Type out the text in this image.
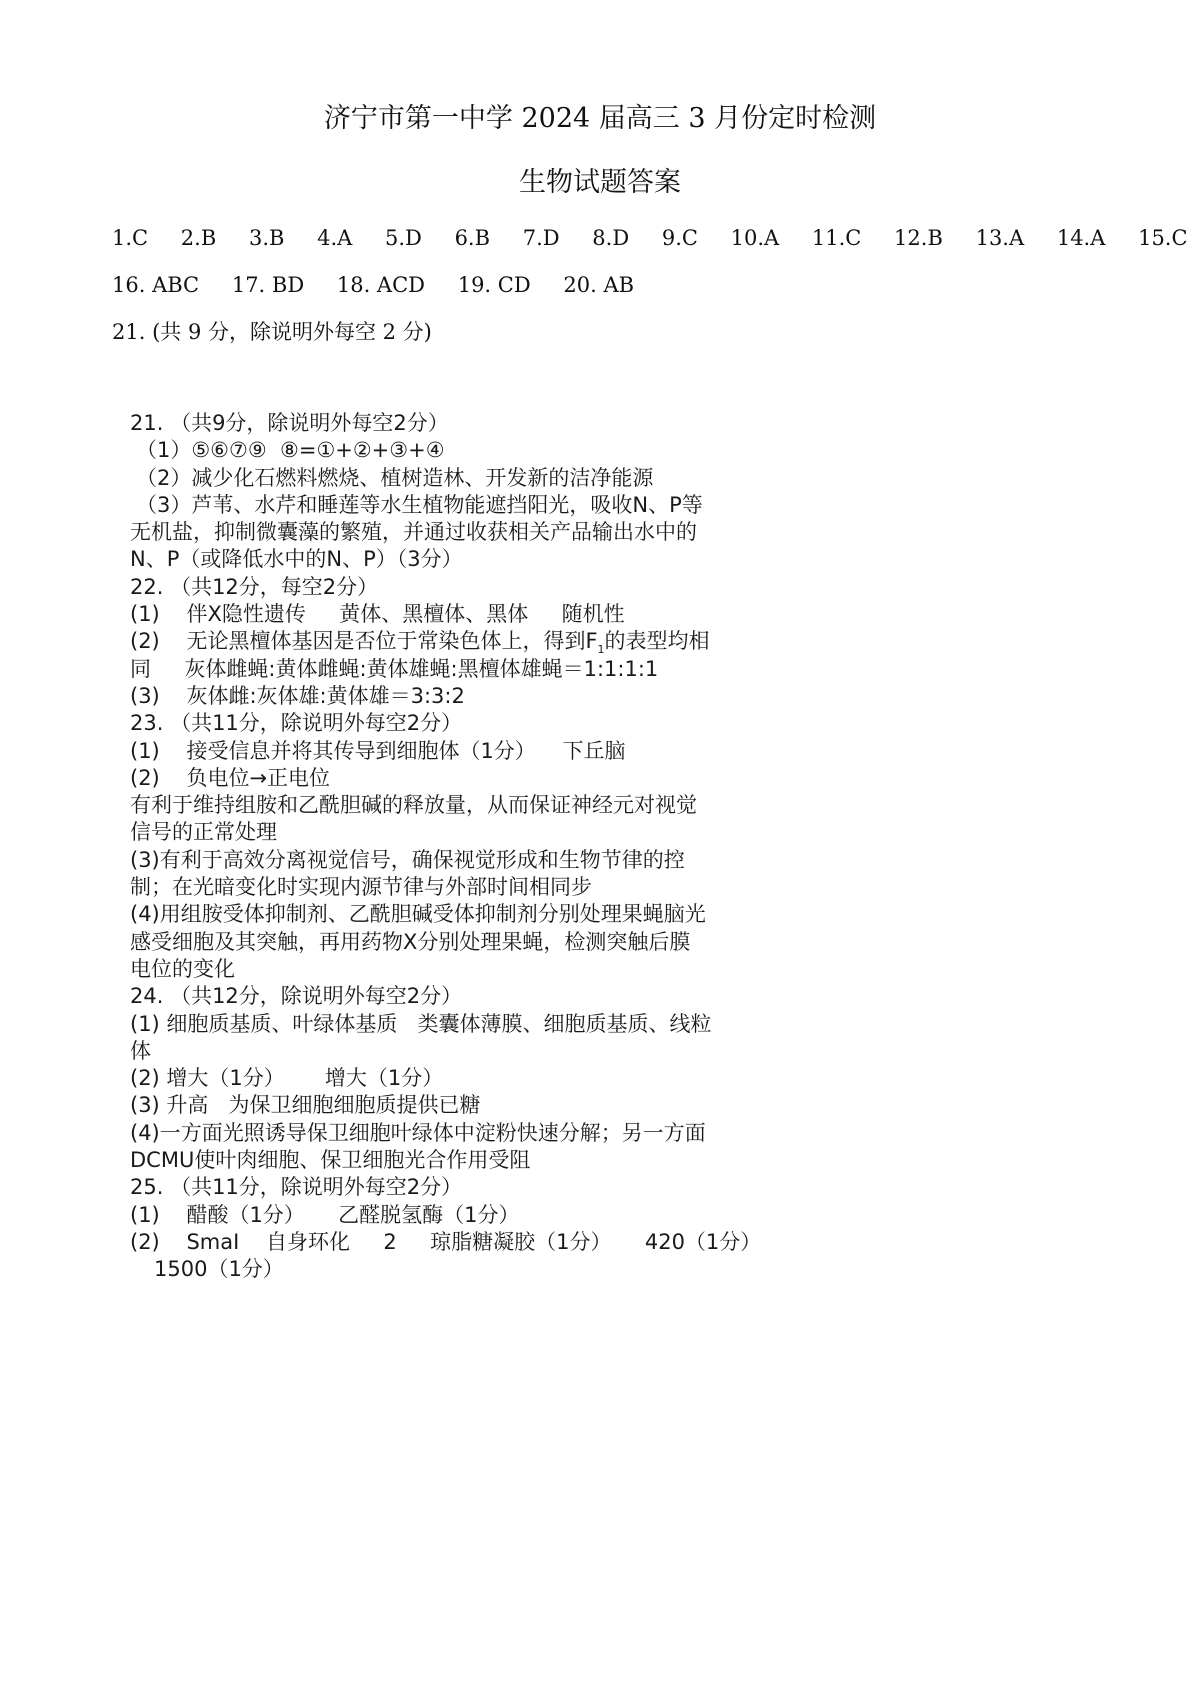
济宁市第一中学 2024 届高三 3 月份定时检测
生物试题答案
1.C 2.B 3.B 4.A 5.D 6.B 7.D 8.D 9.C 10.A 11.C 12.B 13.A 14.A 15.C
16. ABC 17. BD 18. ACD 19. CD 20. AB
21. (共 9 分，除说明外每空 2 分)
21. （共9分，除说明外每空2分）
（1）⑤⑥⑦⑨  ⑧=①+②+③+④
（2）减少化石燃料燃烧、植树造林、开发新的洁净能源
（3）芦苇、水芹和睡莲等水生植物能遮挡阳光，吸收N、P等
无机盐，抑制微囊藻的繁殖，并通过收获相关产品输出水中的
N、P（或降低水中的N、P）（3分）
22. （共12分，每空2分）
(1)    伴X隐性遗传     黄体、黑檀体、黑体     随机性
(2)    无论黑檀体基因是否位于常染色体上，得到$F_1$的表型均相
同     灰体雌蝇:黄体雌蝇:黄体雄蝇:黑檀体雄蝇＝1:1:1:1
(3)    灰体雌:灰体雄:黄体雄＝3:3:2
23. （共11分，除说明外每空2分）
(1)    接受信息并将其传导到细胞体（1分）    下丘脑
(2)    负电位→正电位
有利于维持组胺和乙酰胆碱的释放量，从而保证神经元对视觉
信号的正常处理
(3)有利于高效分离视觉信号，确保视觉形成和生物节律的控
制；在光暗变化时实现内源节律与外部时间相同步
(4)用组胺受体抑制剂、乙酰胆碱受体抑制剂分别处理果蝇脑光
感受细胞及其突触，再用药物X分别处理果蝇，检测突触后膜
电位的变化
24. （共12分，除说明外每空2分）
(1) 细胞质基质、叶绿体基质   类囊体薄膜、细胞质基质、线粒
体
(2) 增大（1分）      增大（1分）
(3) 升高   为保卫细胞细胞质提供已糖
(4)一方面光照诱导保卫细胞叶绿体中淀粉快速分解；另一方面
DCMU使叶肉细胞、保卫细胞光合作用受阻
25. （共11分，除说明外每空2分）
(1)    醋酸（1分）     乙醛脱氢酶（1分）
(2)    SmaⅠ    自身环化     2     琼脂糖凝胶（1分）     420（1分）
1500（1分）
